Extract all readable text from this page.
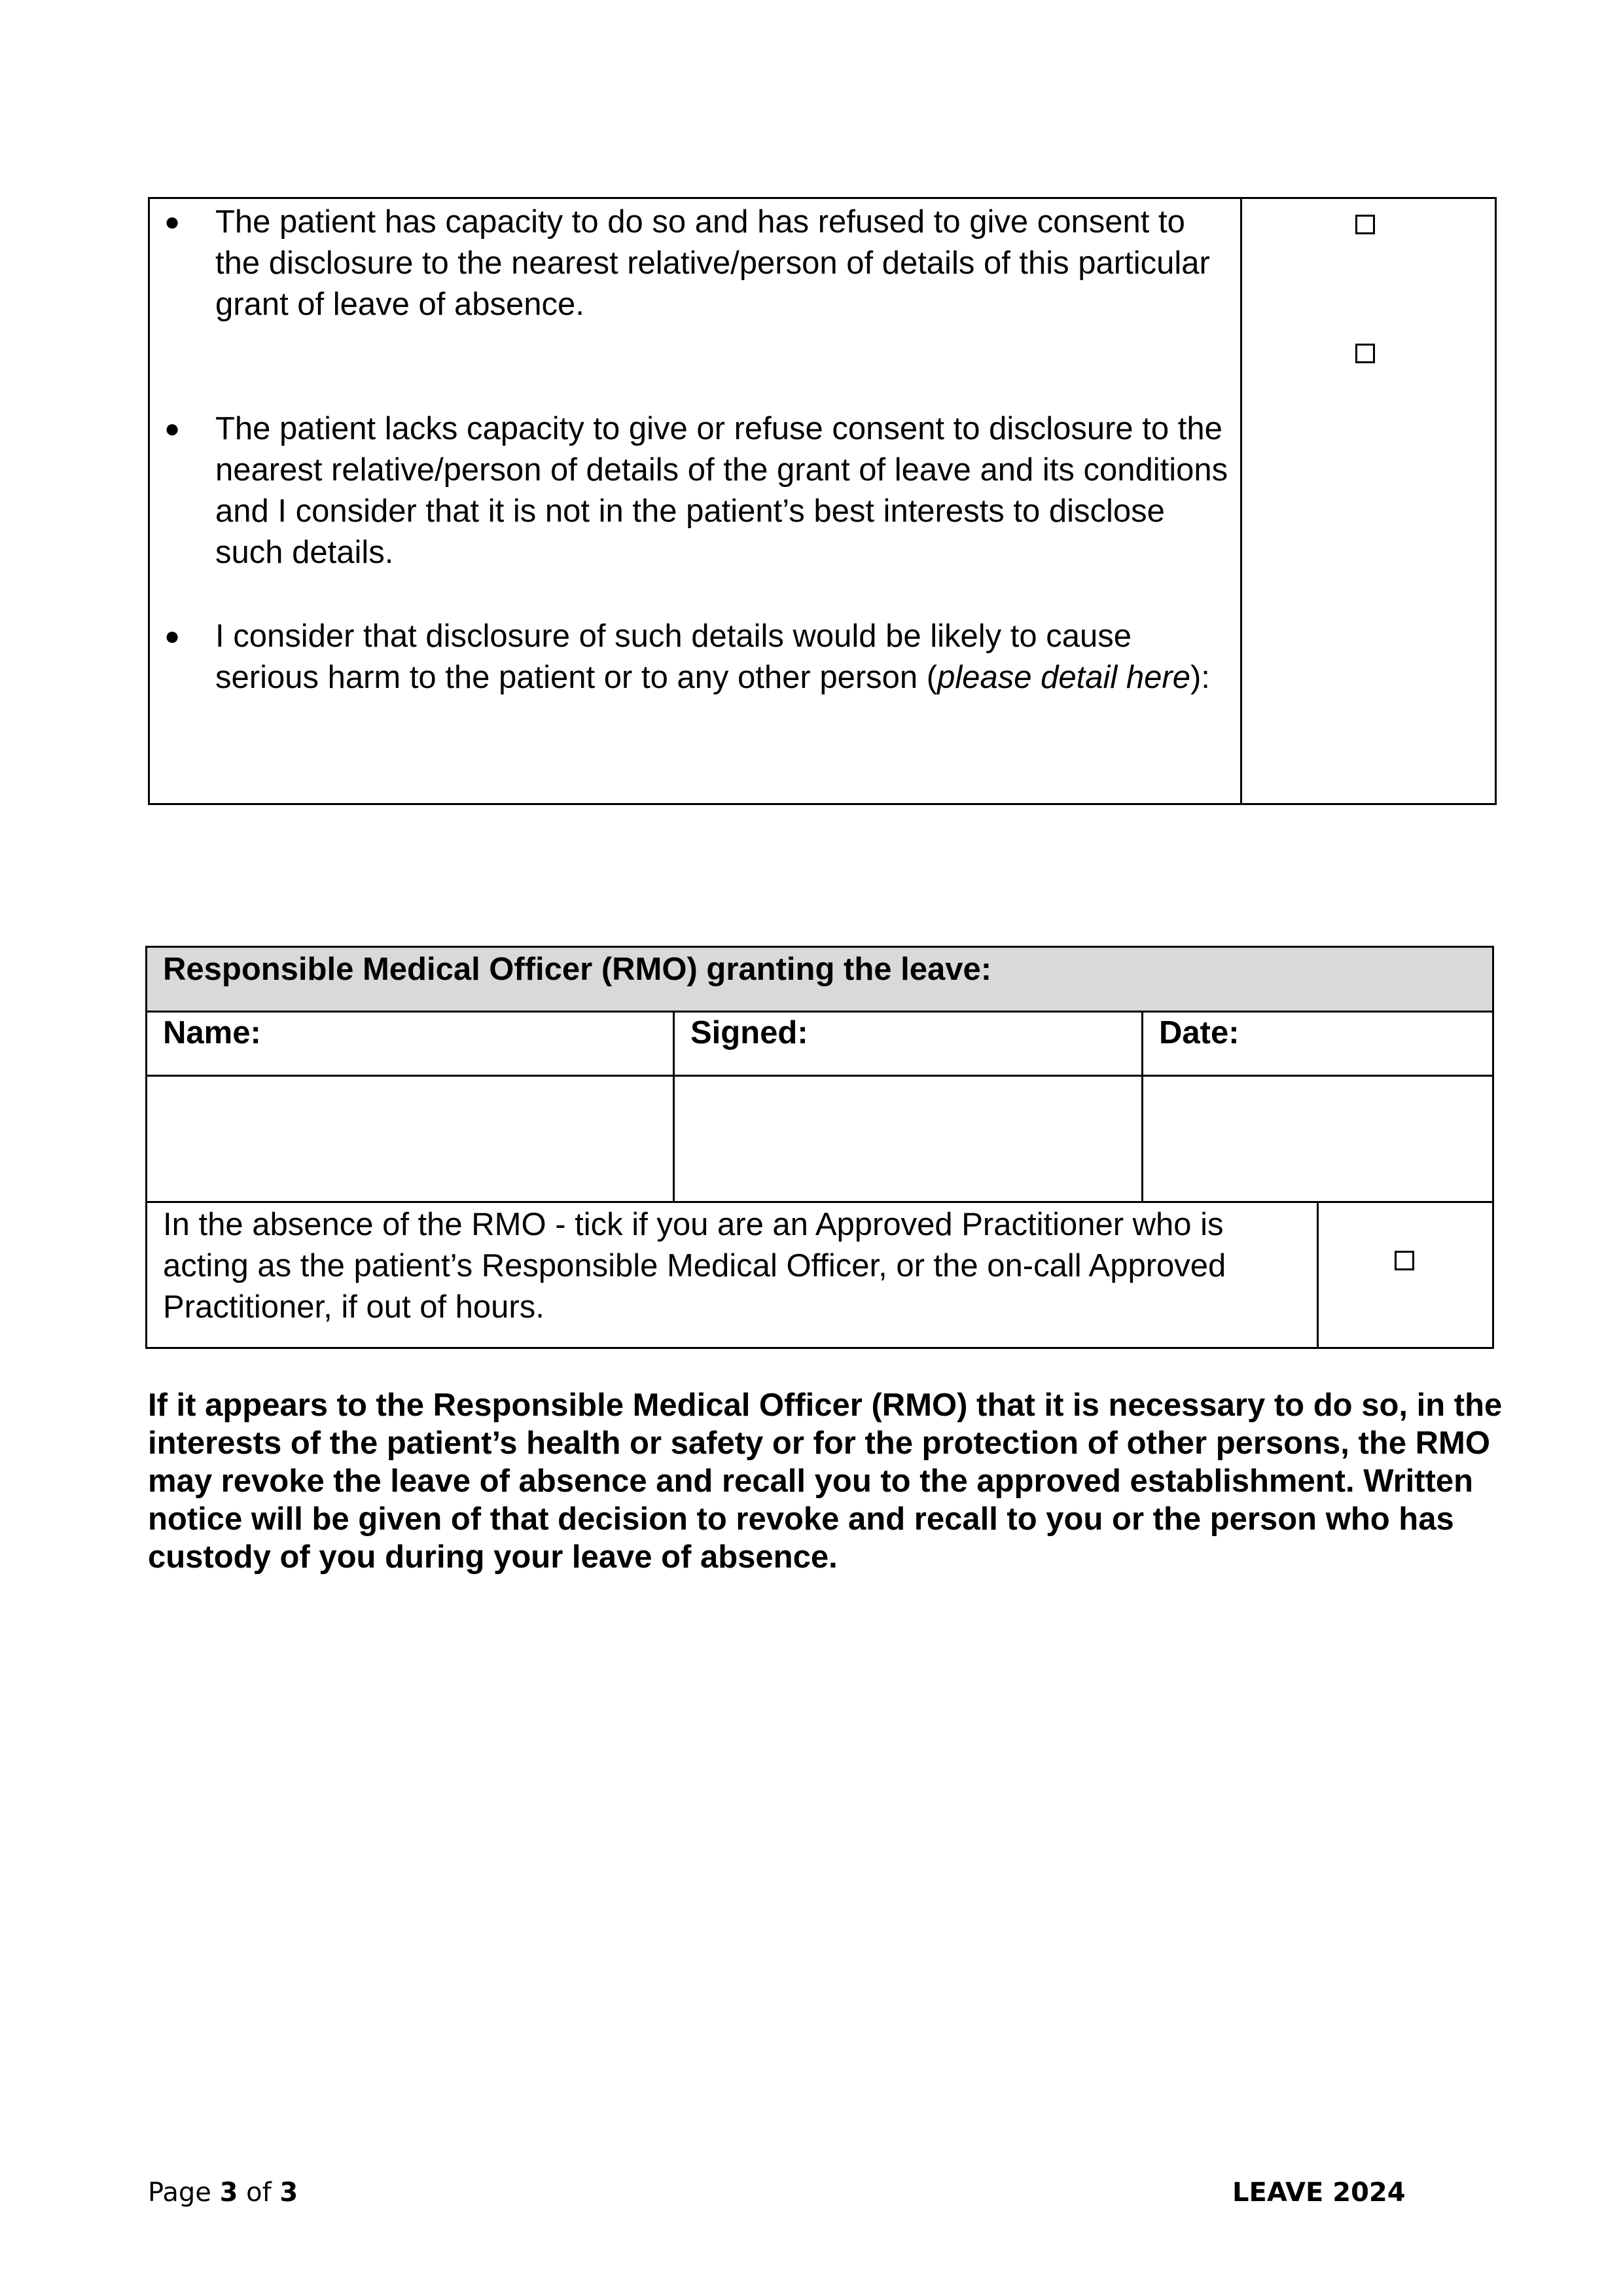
● The patient has capacity to do so and has refused to give consent to the disclosure to the nearest relative/person of details of this particular grant of leave of absence.
● The patient lacks capacity to give or refuse consent to disclosure to the nearest relative/person of details of the grant of leave and its conditions and I consider that it is not in the patient’s best interests to disclose such details.
● I consider that disclosure of such details would be likely to cause serious harm to the patient or to any other person (please detail here):
Responsible Medical Officer (RMO) granting the leave:
Name:	Signed:	Date:
In the absence of the RMO - tick if you are an Approved Practitioner who is acting as the patient’s Responsible Medical Officer, or the on-call Approved Practitioner, if out of hours.
If it appears to the Responsible Medical Officer (RMO) that it is necessary to do so, in the interests of the patient’s health or safety or for the protection of other persons, the RMO may revoke the leave of absence and recall you to the approved establishment. Written notice will be given of that decision to revoke and recall to you or the person who has custody of you during your leave of absence.
Page 3 of 3	LEAVE 2024
